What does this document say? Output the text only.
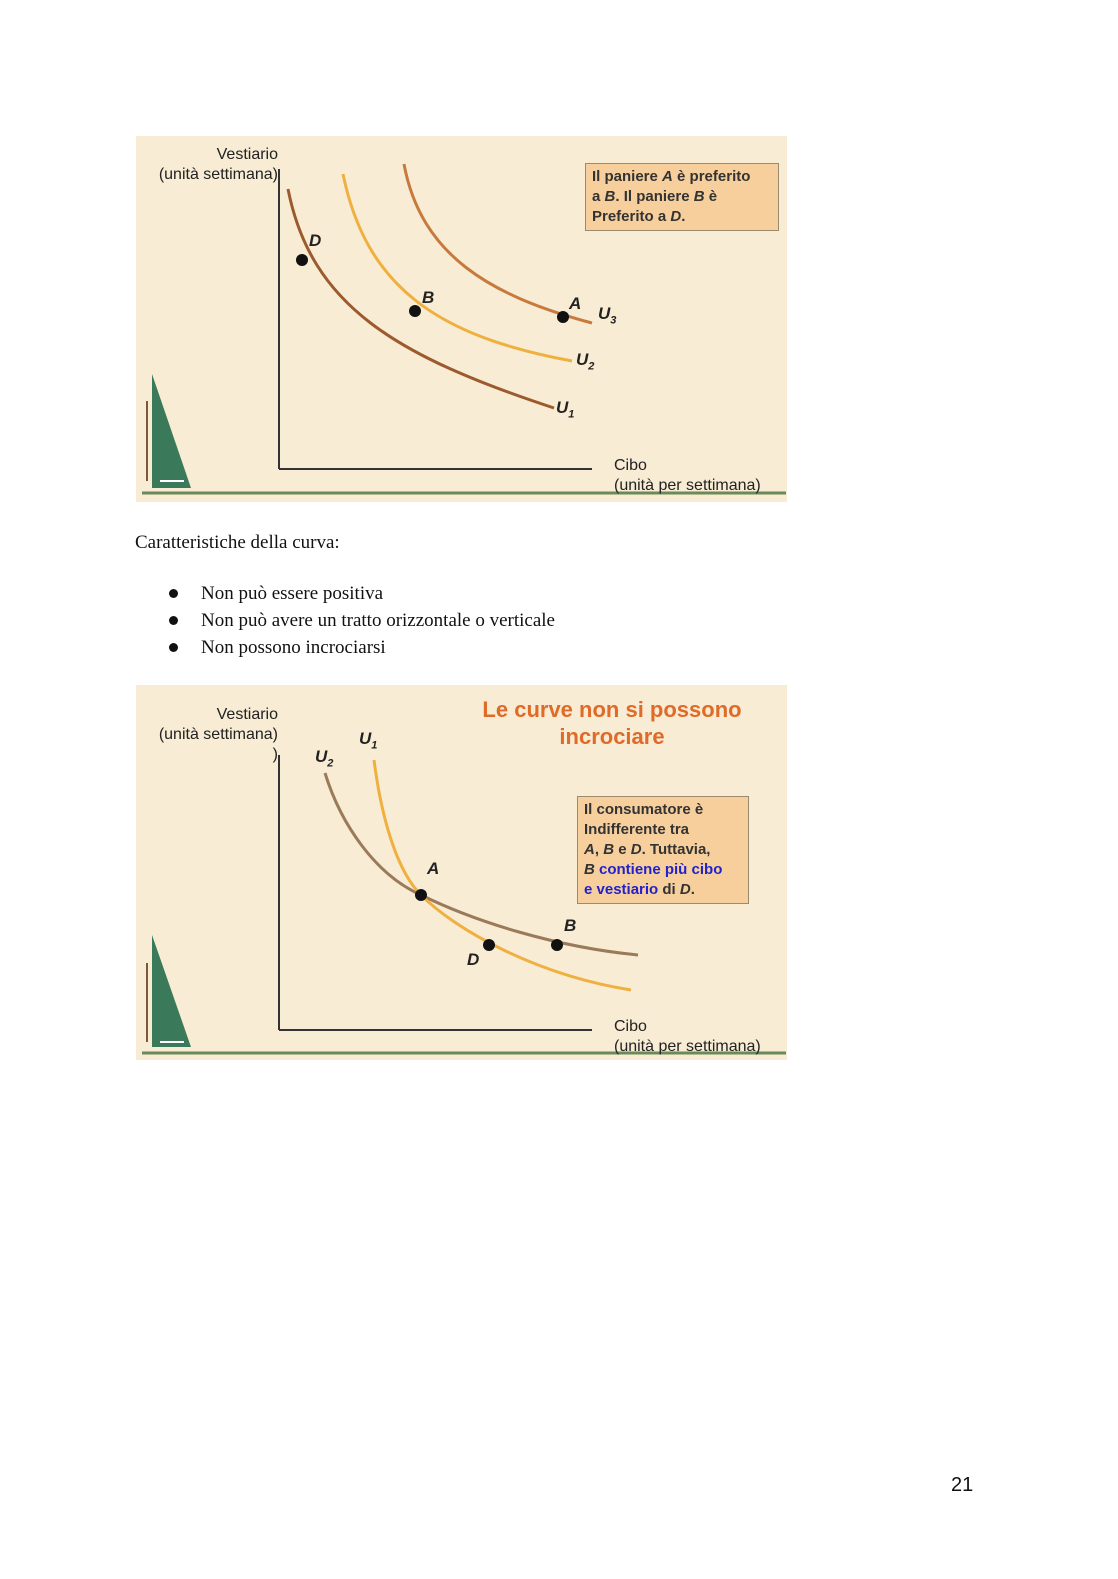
Vestiario
(unità settimana)
Cibo
(unità per settimana)
Il paniere A è preferito
a B. Il paniere B è
Preferito a D.
D
B	A
$U_3$
$U_2$
$U_1$
Caratteristiche della curva:
Non può essere positiva
Non può avere un tratto orizzontale o verticale
Non possono incrociarsi
Le curve non si possono
incrociare
Vestiario
(unità settimana)
)
Cibo
(unità per settimana)
Il consumatore è
Indifferente tra
A, B e D. Tuttavia,
B contiene più cibo
e vestiario di D.
$U_1$
$U_2$
A
B
D
21
